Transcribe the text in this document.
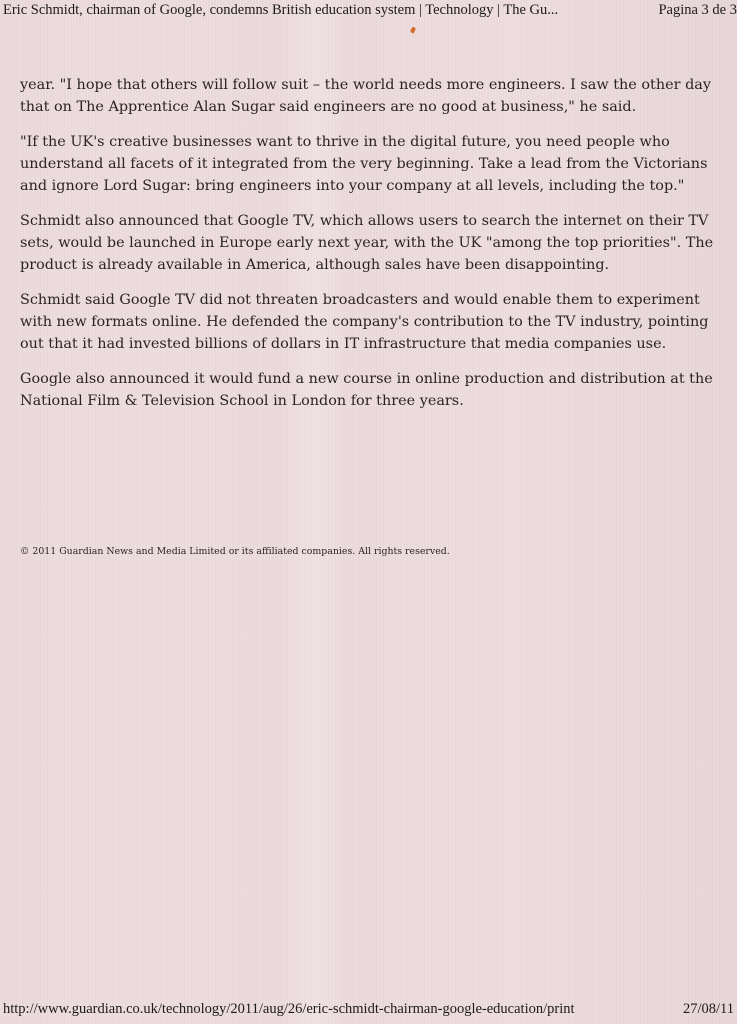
Eric Schmidt, chairman of Google, condemns British education system | Technology | The Gu...	Pagina 3 de 3

year. "I hope that others will follow suit – the world needs more engineers. I saw the other day that on The Apprentice Alan Sugar said engineers are no good at business," he said.

"If the UK's creative businesses want to thrive in the digital future, you need people who understand all facets of it integrated from the very beginning. Take a lead from the Victorians and ignore Lord Sugar: bring engineers into your company at all levels, including the top."

Schmidt also announced that Google TV, which allows users to search the internet on their TV sets, would be launched in Europe early next year, with the UK "among the top priorities". The product is already available in America, although sales have been disappointing.

Schmidt said Google TV did not threaten broadcasters and would enable them to experiment with new formats online. He defended the company's contribution to the TV industry, pointing out that it had invested billions of dollars in IT infrastructure that media companies use.

Google also announced it would fund a new course in online production and distribution at the National Film & Television School in London for three years.

© 2011 Guardian News and Media Limited or its affiliated companies. All rights reserved.
http://www.guardian.co.uk/technology/2011/aug/26/eric-schmidt-chairman-google-education/print	27/08/11
